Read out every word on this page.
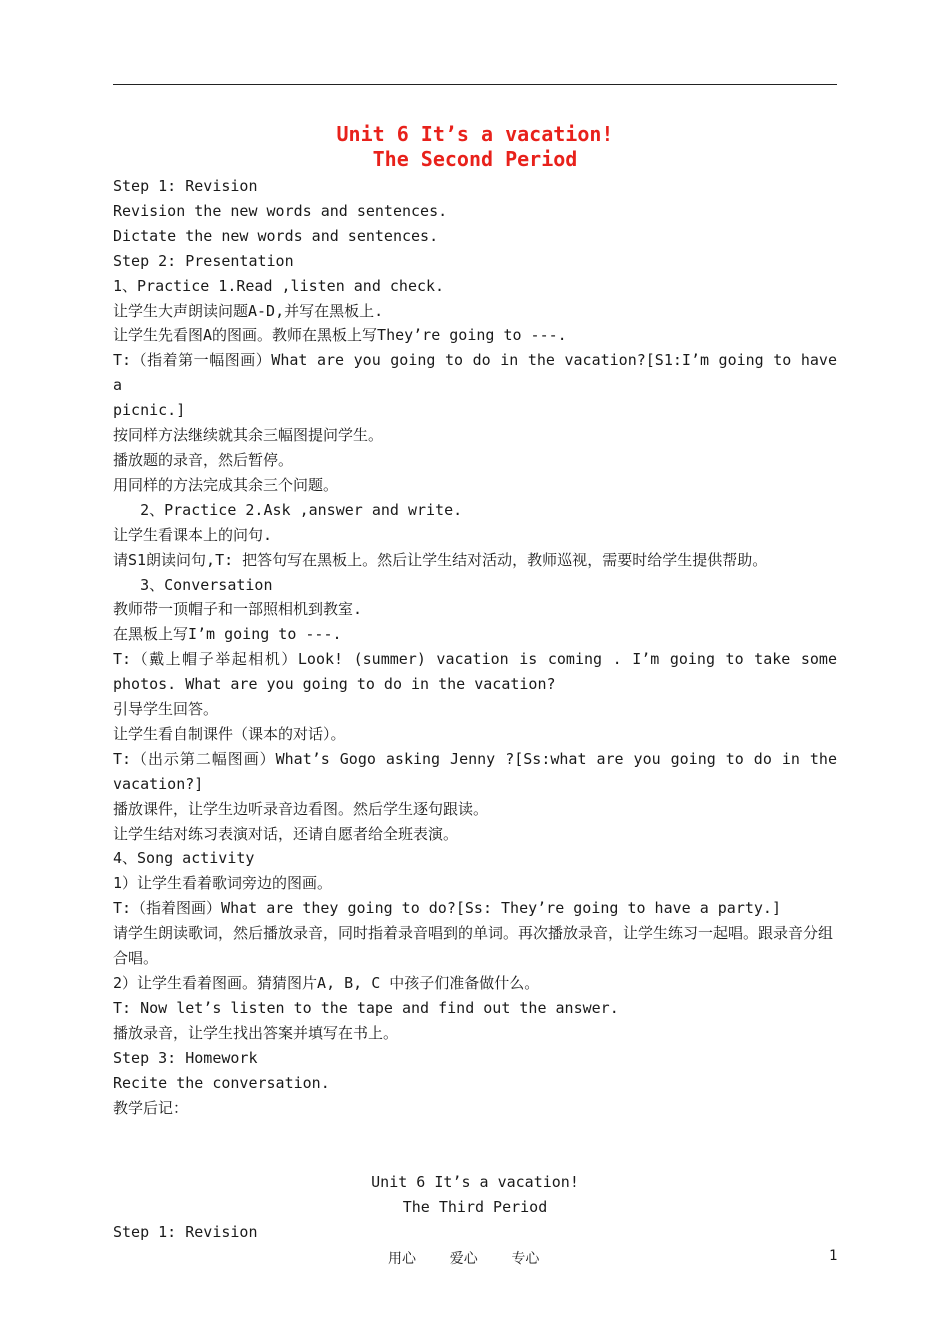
Unit 6 It’s a vacation!
The Second Period
Step 1: Revision
Revision the new words and sentences.
Dictate the new words and sentences.
Step 2: Presentation
1、Practice 1.Read ,listen and check.
让学生大声朗读问题A-D,并写在黑板上.
让学生先看图A的图画。教师在黑板上写They’re going to ---.
T:（指着第一幅图画）What are you going to do in the vacation?[S1:I’m going to have a
picnic.]
按同样方法继续就其余三幅图提问学生。
播放题的录音，然后暂停。
用同样的方法完成其余三个问题。
2、Practice 2.Ask ,answer and write.
让学生看课本上的问句.
请S1朗读问句,T: 把答句写在黑板上。然后让学生结对活动，教师巡视，需要时给学生提供帮助。
3、Conversation
教师带一顶帽子和一部照相机到教室.
在黑板上写I’m going to ---.
T:（戴上帽子举起相机）Look! (summer) vacation is coming . I’m going to take some
photos. What are you going to do in the vacation?
引导学生回答。
让学生看自制课件（课本的对话）。
T:（出示第二幅图画）What’s Gogo asking Jenny ?[Ss:what are you going to do in the
vacation?]
播放课件，让学生边听录音边看图。然后学生逐句跟读。
让学生结对练习表演对话，还请自愿者给全班表演。
4、Song activity
1）让学生看着歌词旁边的图画。
T:（指着图画）What are they going to do?[Ss: They’re going to have a party.]
请学生朗读歌词，然后播放录音，同时指着录音唱到的单词。再次播放录音，让学生练习一起唱。跟录音分组合唱。
2）让学生看着图画。猜猜图片A, B, C 中孩子们准备做什么。
T: Now let’s listen to the tape and find out the answer.
播放录音，让学生找出答案并填写在书上。
Step 3: Homework
Recite the conversation.
教学后记：
Unit 6 It’s a vacation!
The Third Period
Step 1: Revision
用心    爱心    专心	1
